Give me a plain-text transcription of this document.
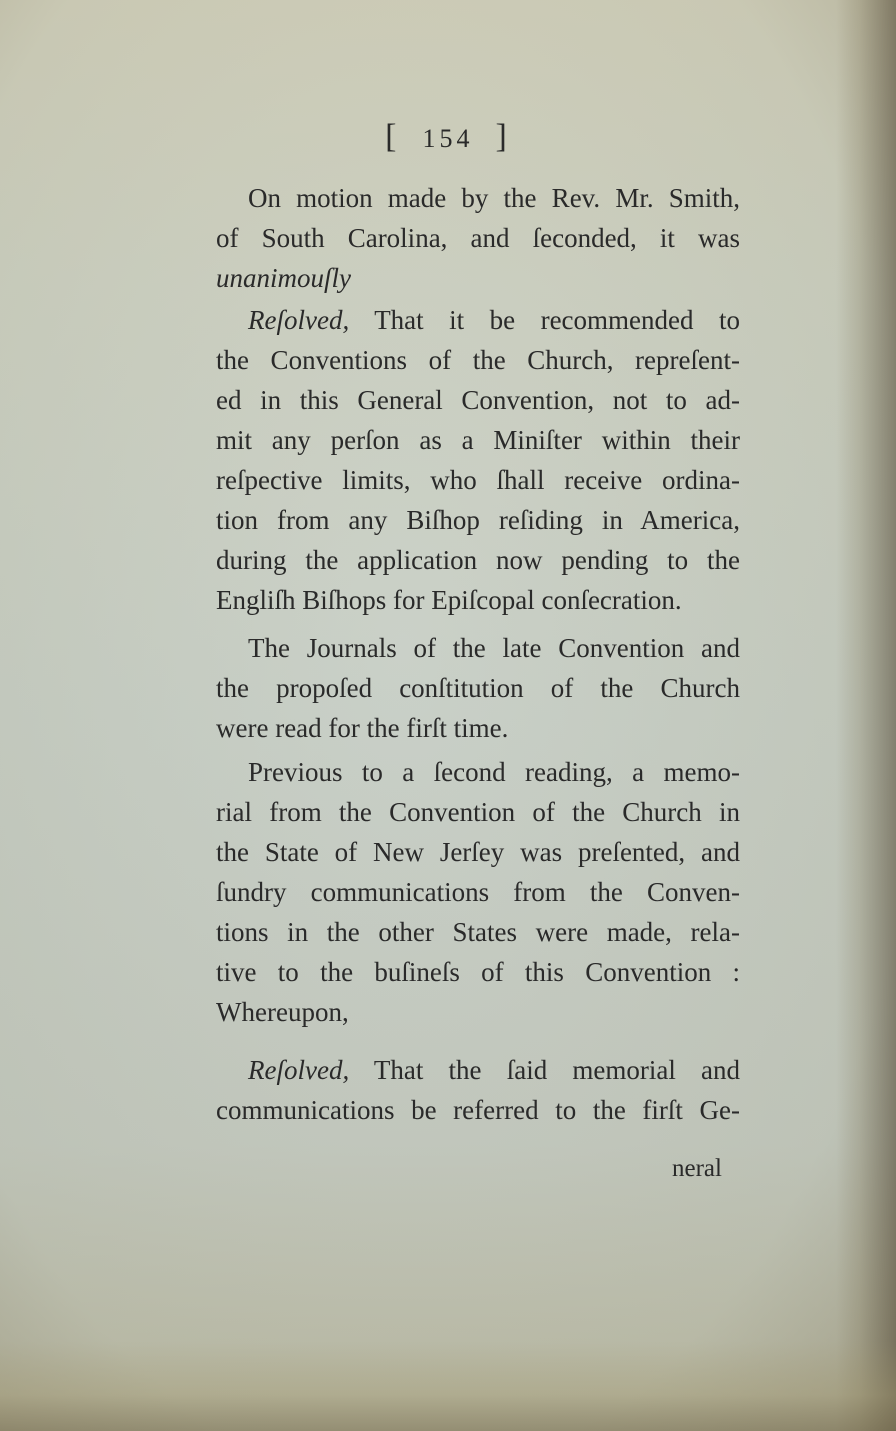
[ 154 ]
On motion made by the Rev. Mr. Smith,
of South Carolina, and ſeconded, it was
unanimouſly
Reſolved, That it be recommended to
the Conventions of the Church, repreſent-
ed in this General Convention, not to ad-
mit any perſon as a Miniſter within their
reſpective limits, who ſhall receive ordina-
tion from any Biſhop reſiding in America,
during the application now pending to the
Engliſh Biſhops for Epiſcopal conſecration.
The Journals of the late Convention and
the propoſed conſtitution of the Church
were read for the firſt time.
Previous to a ſecond reading, a memo-
rial from the Convention of the Church in
the State of New Jerſey was preſented, and
ſundry communications from the Conven-
tions in the other States were made, rela-
tive to the buſineſs of this Convention :
Whereupon,
Reſolved, That the ſaid memorial and
communications be referred to the firſt Ge-
neral
